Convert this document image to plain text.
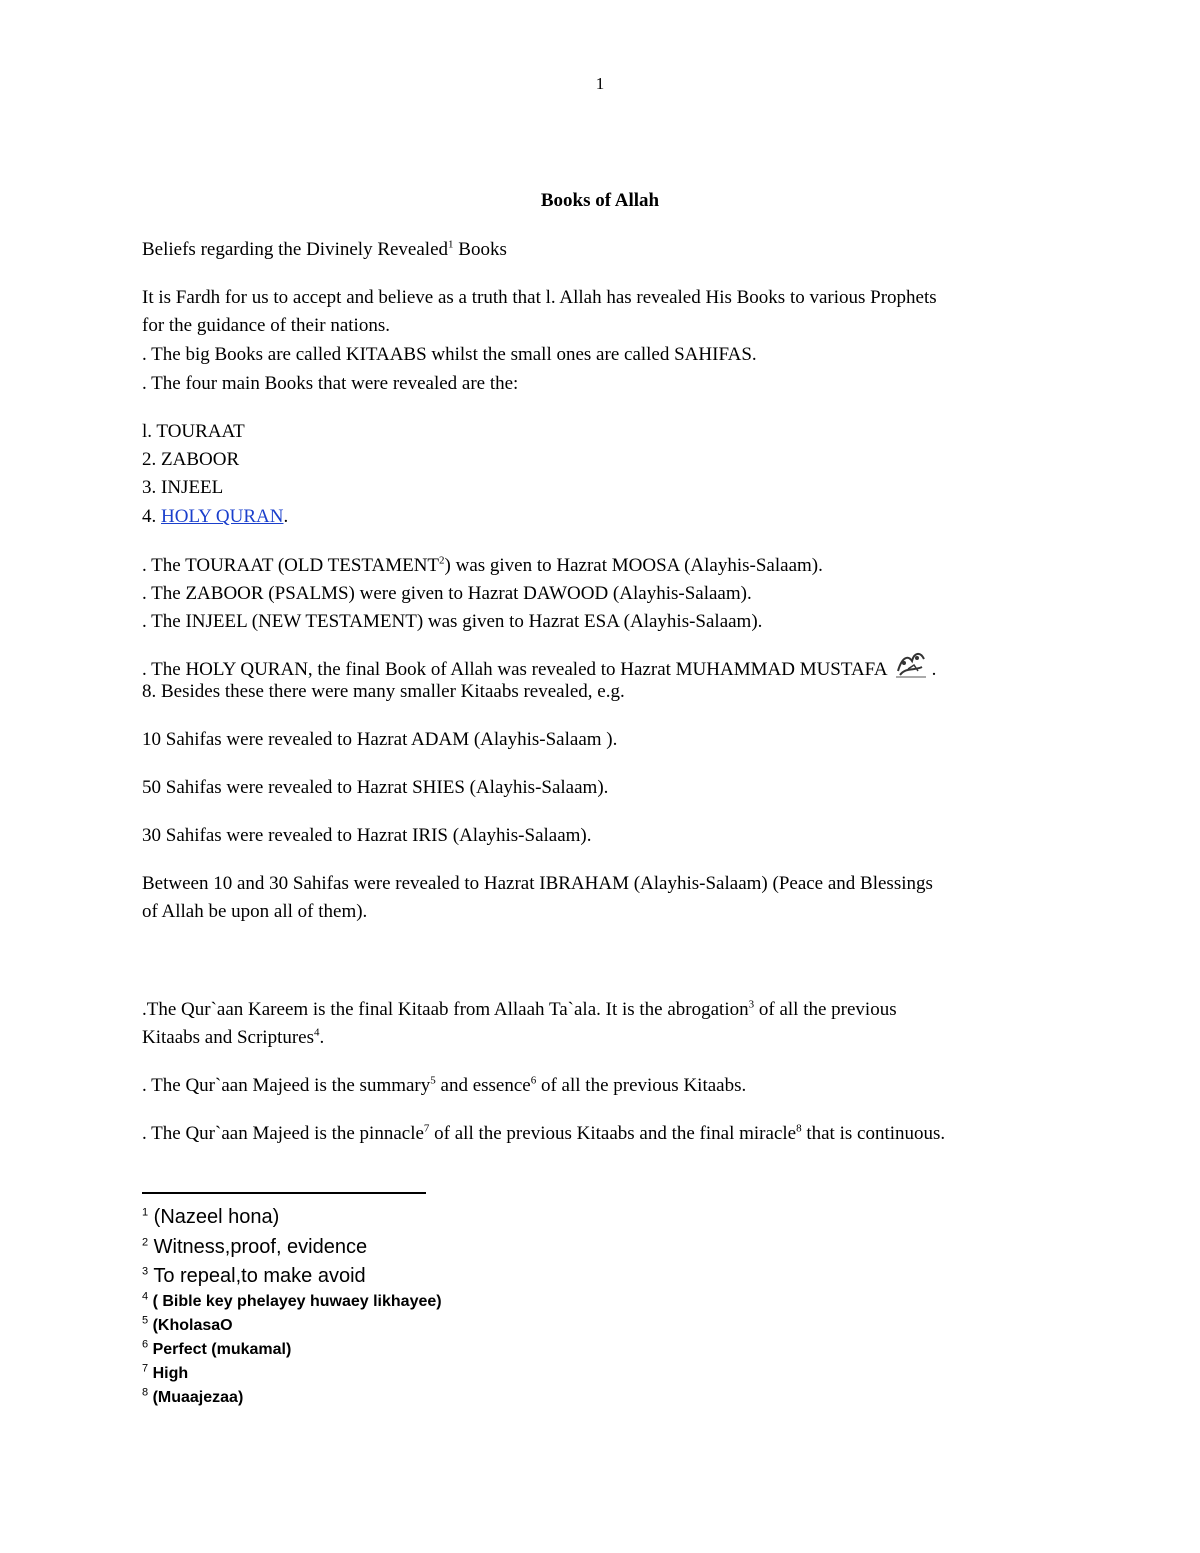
1
Books of Allah
Beliefs regarding the Divinely Revealed$^1$ Books
It is Fardh for us to accept and believe as a truth that l. Allah has revealed His Books to various Prophets
for the guidance of their nations.
. The big Books are called KITAABS whilst the small ones are called SAHIFAS.
. The four main Books that were revealed are the:
l. TOURAAT
2. ZABOOR
3. INJEEL
4. HOLY QURAN.
. The TOURAAT (OLD TESTAMENT$^2$) was given to Hazrat MOOSA (Alayhis-Salaam).
. The ZABOOR (PSALMS) were given to Hazrat DAWOOD (Alayhis-Salaam).
. The INJEEL (NEW TESTAMENT) was given to Hazrat ESA (Alayhis-Salaam).
. The HOLY QURAN, the final Book of Allah was revealed to Hazrat MUHAMMAD MUSTAFA .
8. Besides these there were many smaller Kitaabs revealed, e.g.
10 Sahifas were revealed to Hazrat ADAM (Alayhis-Salaam ).
50 Sahifas were revealed to Hazrat SHIES (Alayhis-Salaam).
30 Sahifas were revealed to Hazrat IRIS (Alayhis-Salaam).
Between 10 and 30 Sahifas were revealed to Hazrat IBRAHAM (Alayhis-Salaam) (Peace and Blessings
of Allah be upon all of them).
.The Qur`aan Kareem is the final Kitaab from Allaah Ta`ala. It is the abrogation$^3$ of all the previous
Kitaabs and Scriptures$^4$.
. The Qur`aan Majeed is the summary$^5$ and essence$^6$ of all the previous Kitaabs.
. The Qur`aan Majeed is the pinnacle$^7$ of all the previous Kitaabs and the final miracle$^8$ that is continuous.
$^1$ (Nazeel hona)
$^2$ Witness,proof, evidence
$^3$ To repeal,to make avoid
$^4$ ( Bible key phelayey huwaey likhayee)
$^5$ (KholasaO
$^6$ Perfect (mukamal)
$^7$ High
$^8$ (Muaajezaa)
